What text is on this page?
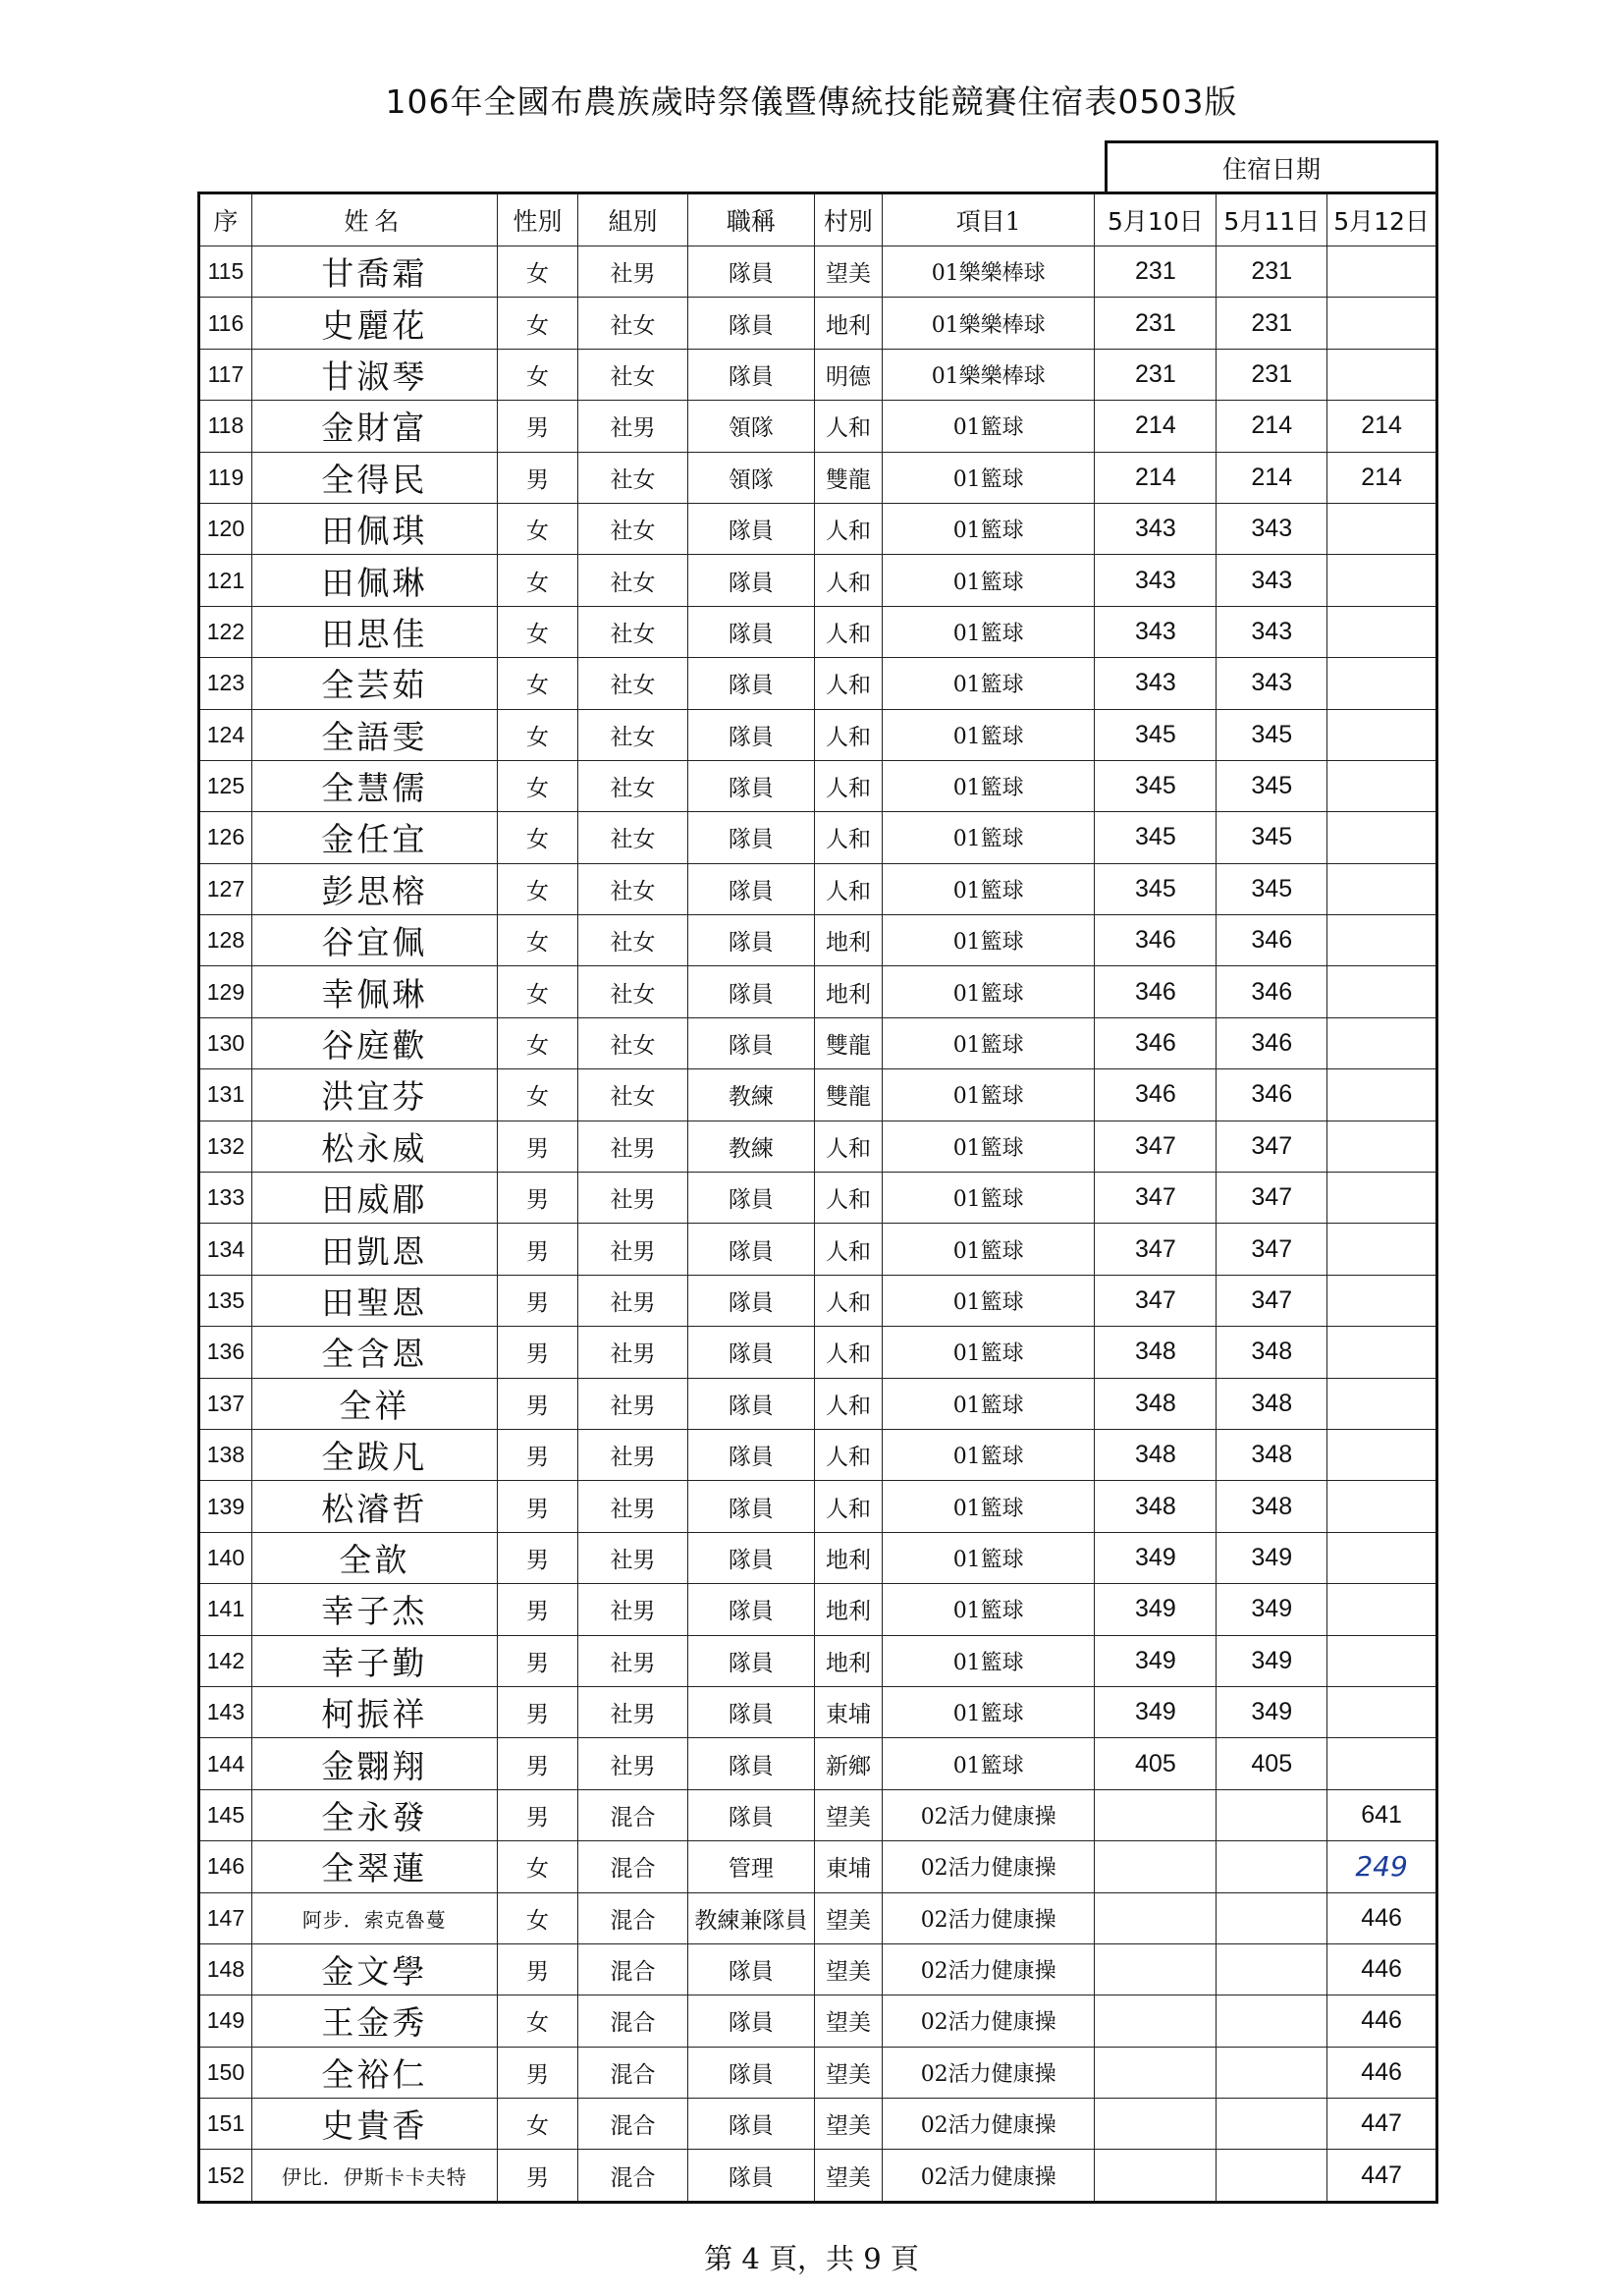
106年全國布農族歲時祭儀暨傳統技能競賽住宿表0503版
住宿日期
序	姓名	性別	組別	職稱	村別	項目1	5月10日	5月11日	5月12日
115	甘喬霜	女	社男	隊員	望美	01樂樂棒球	231	231	
116	史麗花	女	社女	隊員	地利	01樂樂棒球	231	231	
117	甘淑琴	女	社女	隊員	明德	01樂樂棒球	231	231	
118	金財富	男	社男	領隊	人和	01籃球	214	214	214
119	全得民	男	社女	領隊	雙龍	01籃球	214	214	214
120	田佩琪	女	社女	隊員	人和	01籃球	343	343	
121	田佩琳	女	社女	隊員	人和	01籃球	343	343	
122	田思佳	女	社女	隊員	人和	01籃球	343	343	
123	全芸茹	女	社女	隊員	人和	01籃球	343	343	
124	全語雯	女	社女	隊員	人和	01籃球	345	345	
125	全慧儒	女	社女	隊員	人和	01籃球	345	345	
126	金任宜	女	社女	隊員	人和	01籃球	345	345	
127	彭思榕	女	社女	隊員	人和	01籃球	345	345	
128	谷宜佩	女	社女	隊員	地利	01籃球	346	346	
129	幸佩琳	女	社女	隊員	地利	01籃球	346	346	
130	谷庭歡	女	社女	隊員	雙龍	01籃球	346	346	
131	洪宜芬	女	社女	教練	雙龍	01籃球	346	346	
132	松永威	男	社男	教練	人和	01籃球	347	347	
133	田威郿	男	社男	隊員	人和	01籃球	347	347	
134	田凱恩	男	社男	隊員	人和	01籃球	347	347	
135	田聖恩	男	社男	隊員	人和	01籃球	347	347	
136	全含恩	男	社男	隊員	人和	01籃球	348	348	
137	全祥	男	社男	隊員	人和	01籃球	348	348	
138	全跋凡	男	社男	隊員	人和	01籃球	348	348	
139	松濬哲	男	社男	隊員	人和	01籃球	348	348	
140	全歆	男	社男	隊員	地利	01籃球	349	349	
141	幸子杰	男	社男	隊員	地利	01籃球	349	349	
142	幸子勤	男	社男	隊員	地利	01籃球	349	349	
143	柯振祥	男	社男	隊員	東埔	01籃球	349	349	
144	金翾翔	男	社男	隊員	新鄉	01籃球	405	405	
145	全永發	男	混合	隊員	望美	02活力健康操			641
146	全翠蓮	女	混合	管理	東埔	02活力健康操			249
147	阿步．索克魯蔓	女	混合	教練兼隊員	望美	02活力健康操			446
148	金文學	男	混合	隊員	望美	02活力健康操			446
149	王金秀	女	混合	隊員	望美	02活力健康操			446
150	全裕仁	男	混合	隊員	望美	02活力健康操			446
151	史貴香	女	混合	隊員	望美	02活力健康操			447
152	伊比．伊斯卡卡夫特	男	混合	隊員	望美	02活力健康操			447
第 4 頁，共 9 頁
